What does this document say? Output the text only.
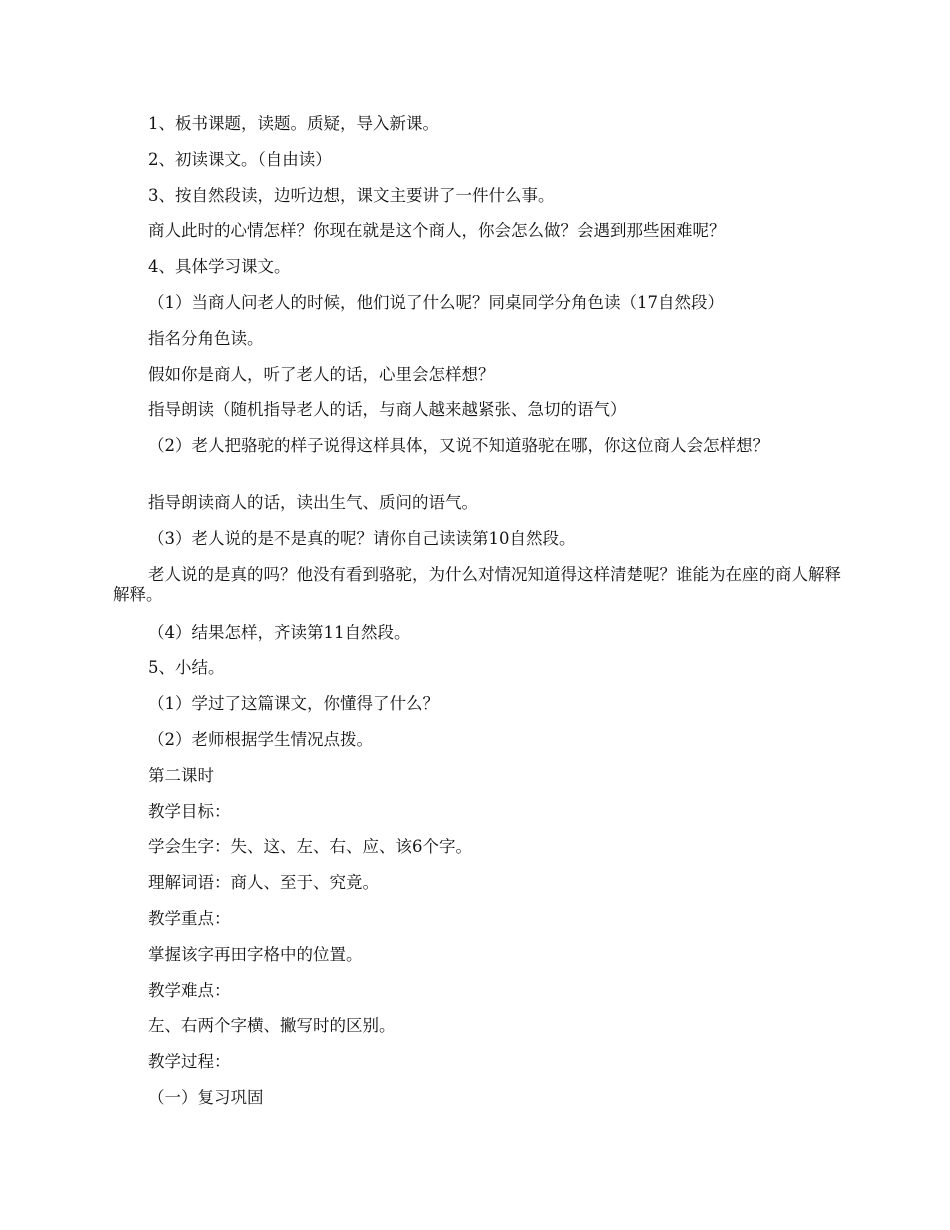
1、板书课题，读题。质疑，导入新课。
2、初读课文。（自由读）
3、按自然段读，边听边想，课文主要讲了一件什么事。
商人此时的心情怎样？你现在就是这个商人，你会怎么做？会遇到那些困难呢？
4、具体学习课文。
（1）当商人问老人的时候，他们说了什么呢？同桌同学分角色读（17自然段）
指名分角色读。
假如你是商人，听了老人的话，心里会怎样想？
指导朗读（随机指导老人的话，与商人越来越紧张、急切的语气）
（2）老人把骆驼的样子说得这样具体，又说不知道骆驼在哪，你这位商人会怎样想？
指导朗读商人的话，读出生气、质问的语气。
（3）老人说的是不是真的呢？请你自己读读第10自然段。
老人说的是真的吗？他没有看到骆驼，为什么对情况知道得这样清楚呢？谁能为在座的商人解释解释。
（4）结果怎样，齐读第11自然段。
5、小结。
（1）学过了这篇课文，你懂得了什么？
（2）老师根据学生情况点拨。
第二课时
教学目标：
学会生字：失、这、左、右、应、该6个字。
理解词语：商人、至于、究竟。
教学重点：
掌握该字再田字格中的位置。
教学难点：
左、右两个字横、撇写时的区别。
教学过程：
（一）复习巩固
